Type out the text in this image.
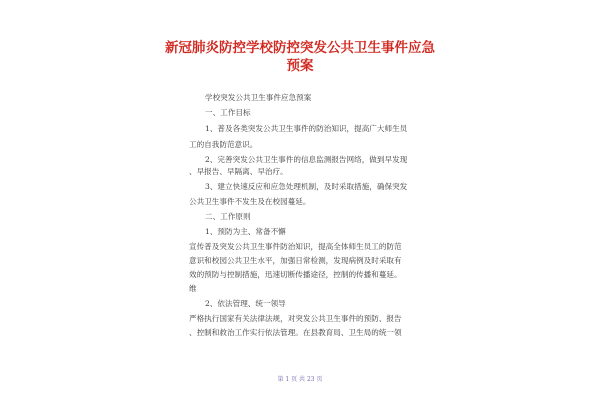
新冠肺炎防控学校防控突发公共卫生事件应急
预案
学校突发公共卫生事件应急预案
一、工作目标
1、普及各类突发公共卫生事件的防治知识，提高广大师生员
工的自我防范意识。
2、完善突发公共卫生事件的信息监测报告网络，做到早发现
、早报告、早隔离、早治疗。
3、建立快速反应和应急处理机制，及时采取措施，确保突发
公共卫生事件不发生及在校园蔓延。
二、工作原则
1、预防为主、常备不懈
宣传普及突发公共卫生事件防治知识，提高全体师生员工的防范
意识和校园公共卫生水平，加强日常检测，发现病例及时采取有
效的预防与控制措施，迅速切断传播途径，控制的传播和蔓延。
维
2、依法管理、统一领导
严格执行国家有关法律法规，对突发公共卫生事件的预防、报告
、控制和救治工作实行依法管理。在县教育局、卫生局的统一领
第 1 页 共 23 页
